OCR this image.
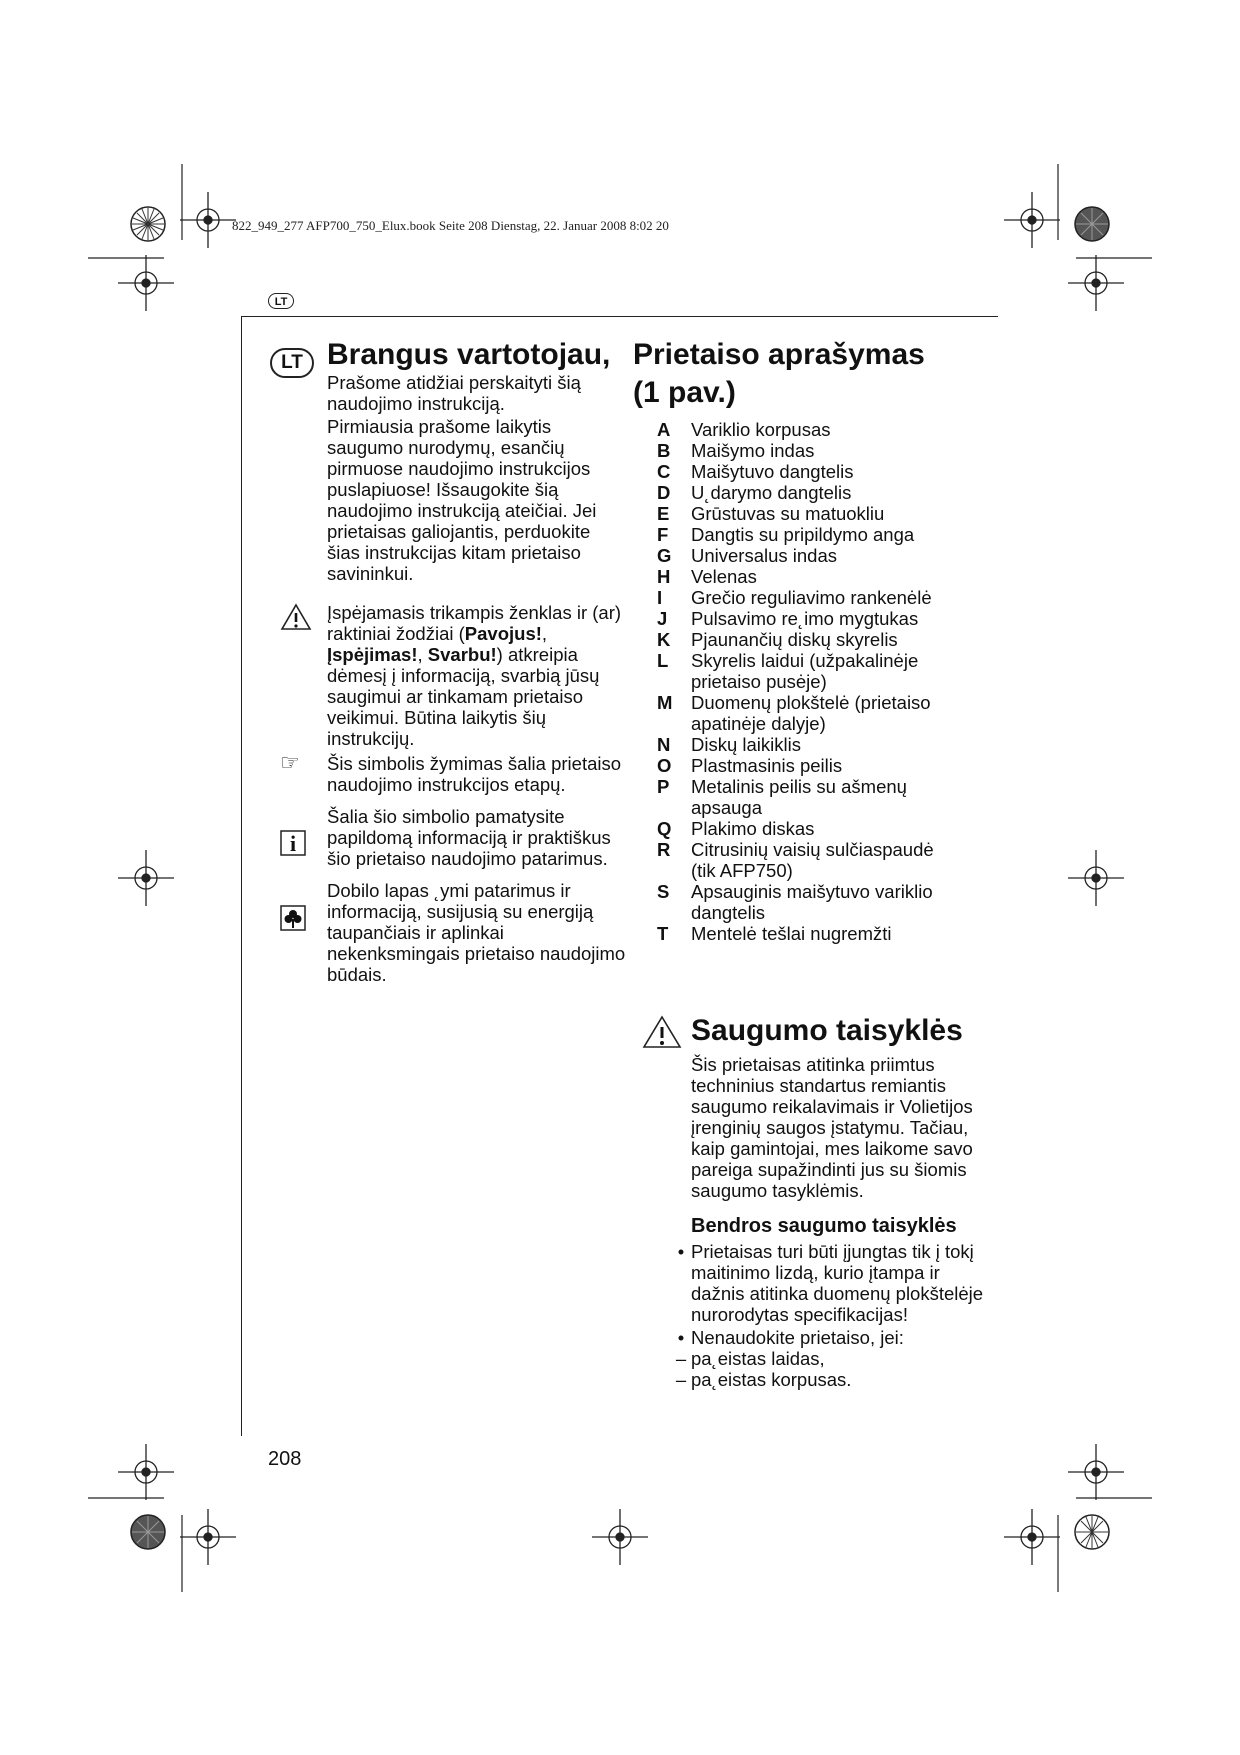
822_949_277 AFP700_750_Elux.book Seite 208 Dienstag, 22. Januar 2008 8:02 20
LT
LT Brangus vartotojau,

Prašome atidžiai perskaityti šią naudojimo instrukciją.

Pirmiausia prašome laikytis saugumo nurodymų, esančių pirmuose naudojimo instrukcijos puslapiuose! Išsaugokite šią naudojimo instrukciją ateičiai. Jei prietaisas galiojantis, perduokite šias instrukcijas kitam prietaiso savininkui.

Įspėjamasis trikampis ženklas ir (ar) raktiniai žodžiai (Pavojus!, Įspėjimas!, Svarbu!) atkreipia dėmesį į informaciją, svarbią jūsų saugimui ar tinkamam prietaiso veikimui. Būtina laikytis šių instrukcijų.
Šis simbolis žymimas šalia prietaiso naudojimo instrukcijos etapų.
Šalia šio simbolio pamatysite papildomą informaciją ir praktiškus šio prietaiso naudojimo patarimus.
Dobilo lapas ˛ymi patarimus ir informaciją, susijusią su energiją taupančiais ir aplinkai nekenksmingais prietaiso naudojimo būdais.
☞
i
Prietaiso aprašymas
(1 pav.)
A	Variklio korpusas
B	Maišymo indas
C	Maišytuvo dangtelis
D	U˛darymo dangtelis
E	Grūstuvas su matuokliu
F	Dangtis su pripildymo anga
G	Universalus indas
H	Velenas
I	Grečio reguliavimo rankenėlė
J	Pulsavimo re˛imo mygtukas
K	Pjaunančių diskų skyrelis
L	Skyrelis laidui (užpakalinėje prietaiso pusėje)
M	Duomenų plokštelė (prietaiso apatinėje dalyje)
N	Diskų laikiklis
O	Plastmasinis peilis
P	Metalinis peilis su ašmenų apsauga
Q	Plakimo diskas
R	Citrusinių vaisių sulčiaspaudė (tik AFP750)
S	Apsauginis maišytuvo variklio dangtelis
T	Mentelė tešlai nugremžti
Saugumo taisyklės
Šis prietaisas atitinka priimtus techninius standartus remiantis saugumo reikalavimais ir Volietijos įrenginių saugos įstatymu. Tačiau, kaip gamintojai, mes laikome savo pareiga supažindinti jus su šiomis saugumo tasyklėmis.
Bendros saugumo taisyklės
• Prietaisas turi būti įjungtas tik į tokį maitinimo lizdą, kurio įtampa ir dažnis atitinka duomenų plokštelėje nurorodytas specifikacijas!
• Nenaudokite prietaiso, jei:
– pa˛eistas laidas,
– pa˛eistas korpusas.
208
